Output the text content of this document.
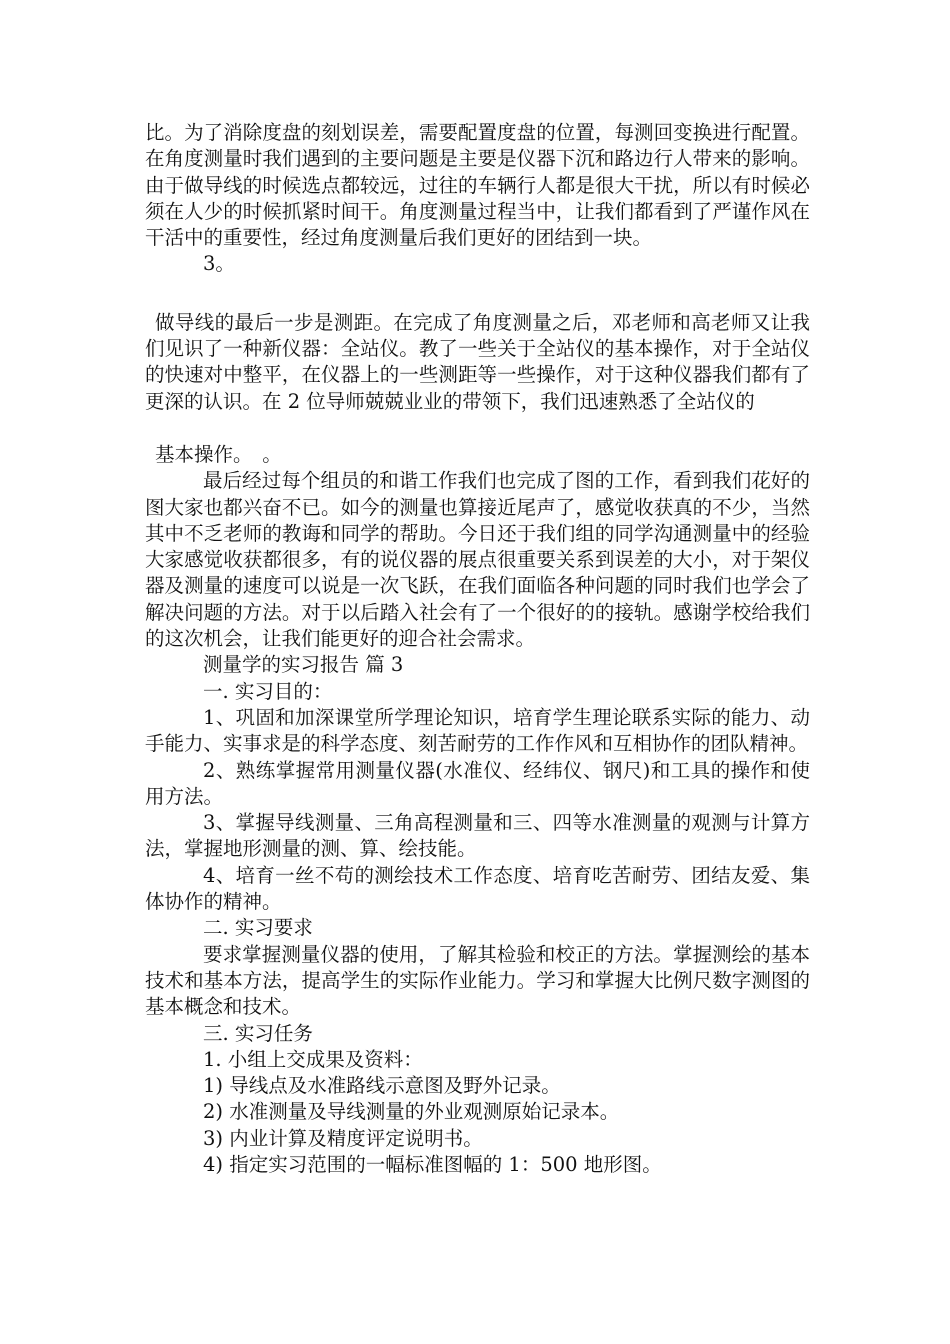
比。为了消除度盘的刻划误差，需要配置度盘的位置，每测回变换进行配置。在角度测量时我们遇到的主要问题是主要是仪器下沉和路边行人带来的影响。由于做导线的时候选点都较远，过往的车辆行人都是很大干扰，所以有时候必须在人少的时候抓紧时间干。角度测量过程当中，让我们都看到了严谨作风在干活中的重要性，经过角度测量后我们更好的团结到一块。

3。

做导线的最后一步是测距。在完成了角度测量之后，邓老师和高老师又让我们见识了一种新仪器：全站仪。教了一些关于全站仪的基本操作，对于全站仪的快速对中整平，在仪器上的一些测距等一些操作，对于这种仪器我们都有了更深的认识。在 2 位导师兢兢业业的带领下，我们迅速熟悉了全站仪的

基本操作。　。

最后经过每个组员的和谐工作我们也完成了图的工作，看到我们花好的图大家也都兴奋不已。如今的测量也算接近尾声了，感觉收获真的不少，当然其中不乏老师的教诲和同学的帮助。今日还于我们组的同学沟通测量中的经验大家感觉收获都很多，有的说仪器的展点很重要关系到误差的大小，对于架仪器及测量的速度可以说是一次飞跃，在我们面临各种问题的同时我们也学会了解决问题的方法。对于以后踏入社会有了一个很好的的接轨。感谢学校给我们的这次机会，让我们能更好的迎合社会需求。

测量学的实习报告 篇 3

一. 实习目的：

1、巩固和加深课堂所学理论知识，培育学生理论联系实际的能力、动手能力、实事求是的科学态度、刻苦耐劳的工作作风和互相协作的团队精神。

2、熟练掌握常用测量仪器(水准仪、经纬仪、钢尺)和工具的操作和使用方法。

3、掌握导线测量、三角高程测量和三、四等水准测量的观测与计算方法，掌握地形测量的测、算、绘技能。

4、培育一丝不苟的测绘技术工作态度、培育吃苦耐劳、团结友爱、集体协作的精神。

二. 实习要求

要求掌握测量仪器的使用，了解其检验和校正的方法。掌握测绘的基本技术和基本方法，提高学生的实际作业能力。学习和掌握大比例尺数字测图的基本概念和技术。

三. 实习任务

1. 小组上交成果及资料：

1) 导线点及水准路线示意图及野外记录。

2) 水准测量及导线测量的外业观测原始记录本。

3) 内业计算及精度评定说明书。

4) 指定实习范围的一幅标准图幅的 1：500 地形图。
